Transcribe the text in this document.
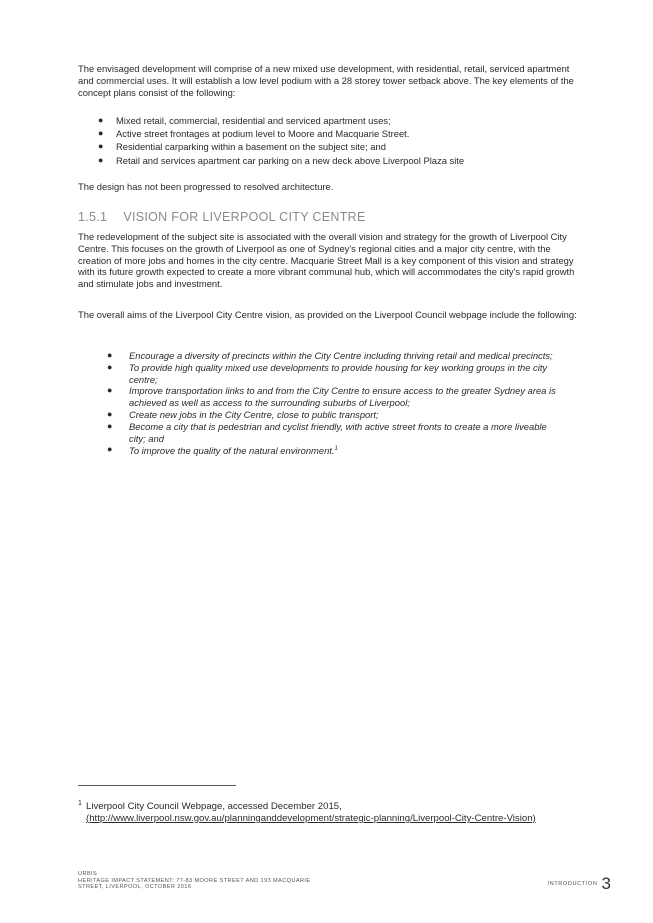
The envisaged development will comprise of a new mixed use development, with residential, retail, serviced apartment and commercial uses. It will establish a low level podium with a 28 storey tower setback above. The key elements of the concept plans consist of the following:

● Mixed retail, commercial, residential and serviced apartment uses;
● Active street frontages at podium level to Moore and Macquarie Street.
● Residential carparking within a basement on the subject site; and
● Retail and services apartment car parking on a new deck above Liverpool Plaza site

The design has not been progressed to resolved architecture.

1.5.1 VISION FOR LIVERPOOL CITY CENTRE

The redevelopment of the subject site is associated with the overall vision and strategy for the growth of Liverpool City Centre. This focuses on the growth of Liverpool as one of Sydney's regional cities and a major city centre, with the creation of more jobs and homes in the city centre. Macquarie Street Mall is a key component of this vision and strategy with its future growth expected to create a more vibrant communal hub, which will accommodates the city's rapid growth and stimulate jobs and investment.

The overall aims of the Liverpool City Centre vision, as provided on the Liverpool Council webpage include the following:

● Encourage a diversity of precincts within the City Centre including thriving retail and medical precincts;
● To provide high quality mixed use developments to provide housing for key working groups in the city centre;
● Improve transportation links to and from the City Centre to ensure access to the greater Sydney area is achieved as well as access to the surrounding suburbs of Liverpool;
● Create new jobs in the City Centre, close to public transport;
● Become a city that is pedestrian and cyclist friendly, with active street fronts to create a more liveable city; and
● To improve the quality of the natural environment.$^1$
1 Liverpool City Council Webpage, accessed December 2015,
(http://www.liverpool.nsw.gov.au/planninganddevelopment/strategic-planning/Liverpool-City-Centre-Vision)
URBIS
HERITAGE IMPACT STATEMENT: 77-83 MOORE STREET AND 193 MACQUARIE
STREET, LIVERPOOL, OCTOBER 2016
INTRODUCTION 3
